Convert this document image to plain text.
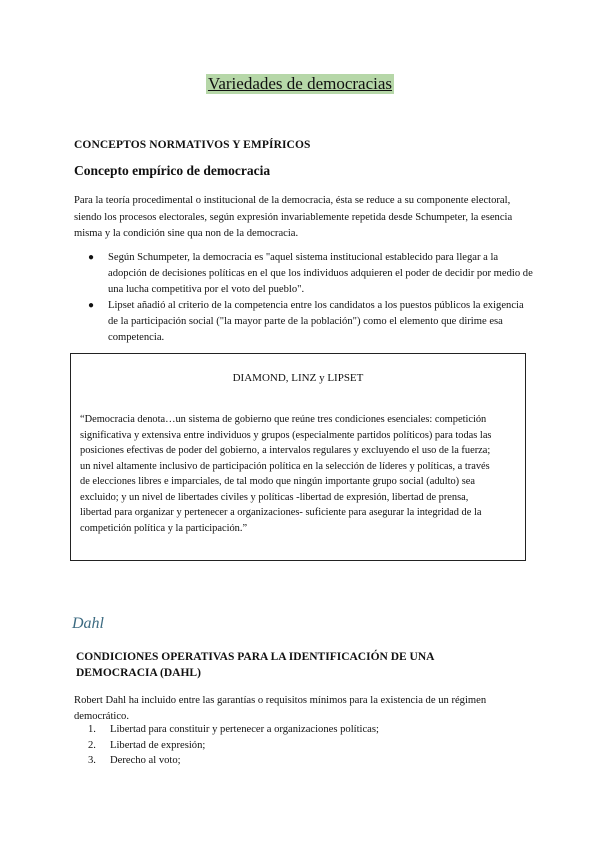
Variedades de democracias
CONCEPTOS NORMATIVOS Y EMPÍRICOS
Concepto empírico de democracia
Para la teoría procedimental o institucional de la democracia, ésta se reduce a su componente electoral, siendo los procesos electorales, según expresión invariablemente repetida desde Schumpeter, la esencia misma y la condición sine qua non de la democracia.
● Según Schumpeter, la democracia es "aquel sistema institucional establecido para llegar a la adopción de decisiones políticas en el que los individuos adquieren el poder de decidir por medio de una lucha competitiva por el voto del pueblo".
● Lipset añadió al criterio de la competencia entre los candidatos a los puestos públicos la exigencia de la participación social ("la mayor parte de la población") como el elemento que dirime esa competencia.
DIAMOND, LINZ y LIPSET
“Democracia denota…un sistema de gobierno que reúne tres condiciones esenciales: competición significativa y extensiva entre individuos y grupos (especialmente partidos políticos) para todas las posiciones efectivas de poder del gobierno, a intervalos regulares y excluyendo el uso de la fuerza; un nivel altamente inclusivo de participación política en la selección de líderes y políticas, a través de elecciones libres e imparciales, de tal modo que ningún importante grupo social (adulto) sea excluido; y un nivel de libertades civiles y políticas -libertad de expresión, libertad de prensa, libertad para organizar y pertenecer a organizaciones- suficiente para asegurar la integridad de la competición política y la participación.”
Dahl
CONDICIONES OPERATIVAS PARA LA IDENTIFICACIÓN DE UNA DEMOCRACIA (DAHL)
Robert Dahl ha incluido entre las garantías o requisitos mínimos para la existencia de un régimen democrático.
1. Libertad para constituir y pertenecer a organizaciones políticas;
2. Libertad de expresión;
3. Derecho al voto;
